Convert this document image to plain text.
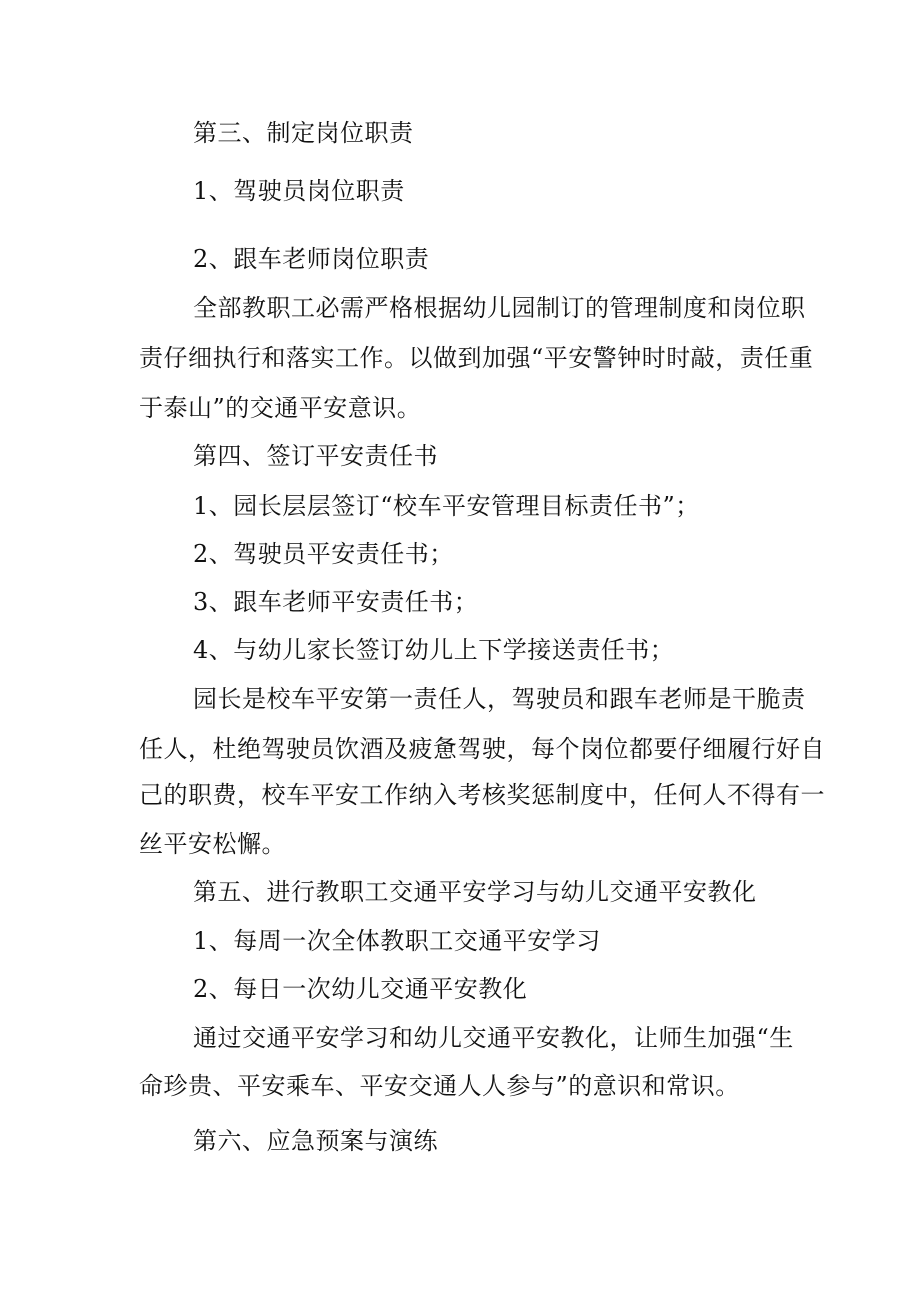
第三、制定岗位职责
1、驾驶员岗位职责
2、跟车老师岗位职责
全部教职工必需严格根据幼儿园制订的管理制度和岗位职
责仔细执行和落实工作。以做到加强“平安警钟时时敲，责任重
于泰山”的交通平安意识。
第四、签订平安责任书
1、园长层层签订“校车平安管理目标责任书”；
2、驾驶员平安责任书；
3、跟车老师平安责任书；
4、与幼儿家长签订幼儿上下学接送责任书；
园长是校车平安第一责任人，驾驶员和跟车老师是干脆责
任人，杜绝驾驶员饮酒及疲惫驾驶，每个岗位都要仔细履行好自
己的职费，校车平安工作纳入考核奖惩制度中，任何人不得有一
丝平安松懈。
第五、进行教职工交通平安学习与幼儿交通平安教化
1、每周一次全体教职工交通平安学习
2、每日一次幼儿交通平安教化
通过交通平安学习和幼儿交通平安教化，让师生加强“生
命珍贵、平安乘车、平安交通人人参与”的意识和常识。
第六、应急预案与演练
